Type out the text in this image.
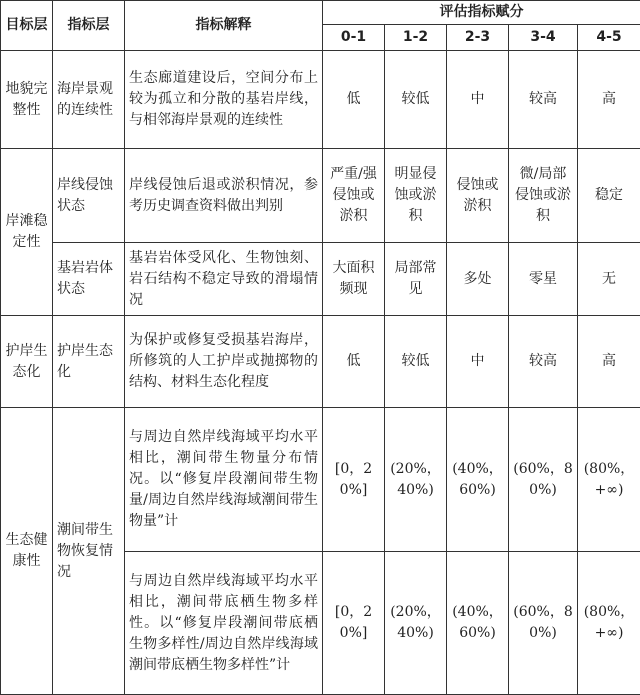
目标层	指标层	指标解释	评估指标赋分				
			0-1	1-2	2-3	3-4	4-5
地貌完整性	海岸景观的连续性	生态廊道建设后，空间分布上较为孤立和分散的基岩岸线，与相邻海岸景观的连续性	低	较低	中	较高	高
岸滩稳定性	岸线侵蚀状态	岸线侵蚀后退或淤积情况，参考历史调查资料做出判别	严重/强侵蚀或淤积	明显侵蚀或淤积	侵蚀或淤积	微/局部侵蚀或淤积	稳定
	基岩岩体状态	基岩岩体受风化、生物蚀刻、岩石结构不稳定导致的滑塌情况	大面积频现	局部常见	多处	零星	无
护岸生态化	护岸生态化	为保护或修复受损基岩海岸，所修筑的人工护岸或抛掷物的结构、材料生态化程度	低	较低	中	较高	高
生态健康性	潮间带生物恢复情况	与周边自然岸线海域平均水平相比，潮间带生物量分布情况。以“修复岸段潮间带生物量/周边自然岸线海域潮间带生物量”计	[0，20%]	(20%，40%)	(40%，60%)	(60%，80%)	(80%，+∞)
		与周边自然岸线海域平均水平相比，潮间带底栖生物多样性。以“修复岸段潮间带底栖生物多样性/周边自然岸线海域潮间带底栖生物多样性”计	[0，20%]	(20%，40%)	(40%，60%)	(60%，80%)	(80%，+∞)
